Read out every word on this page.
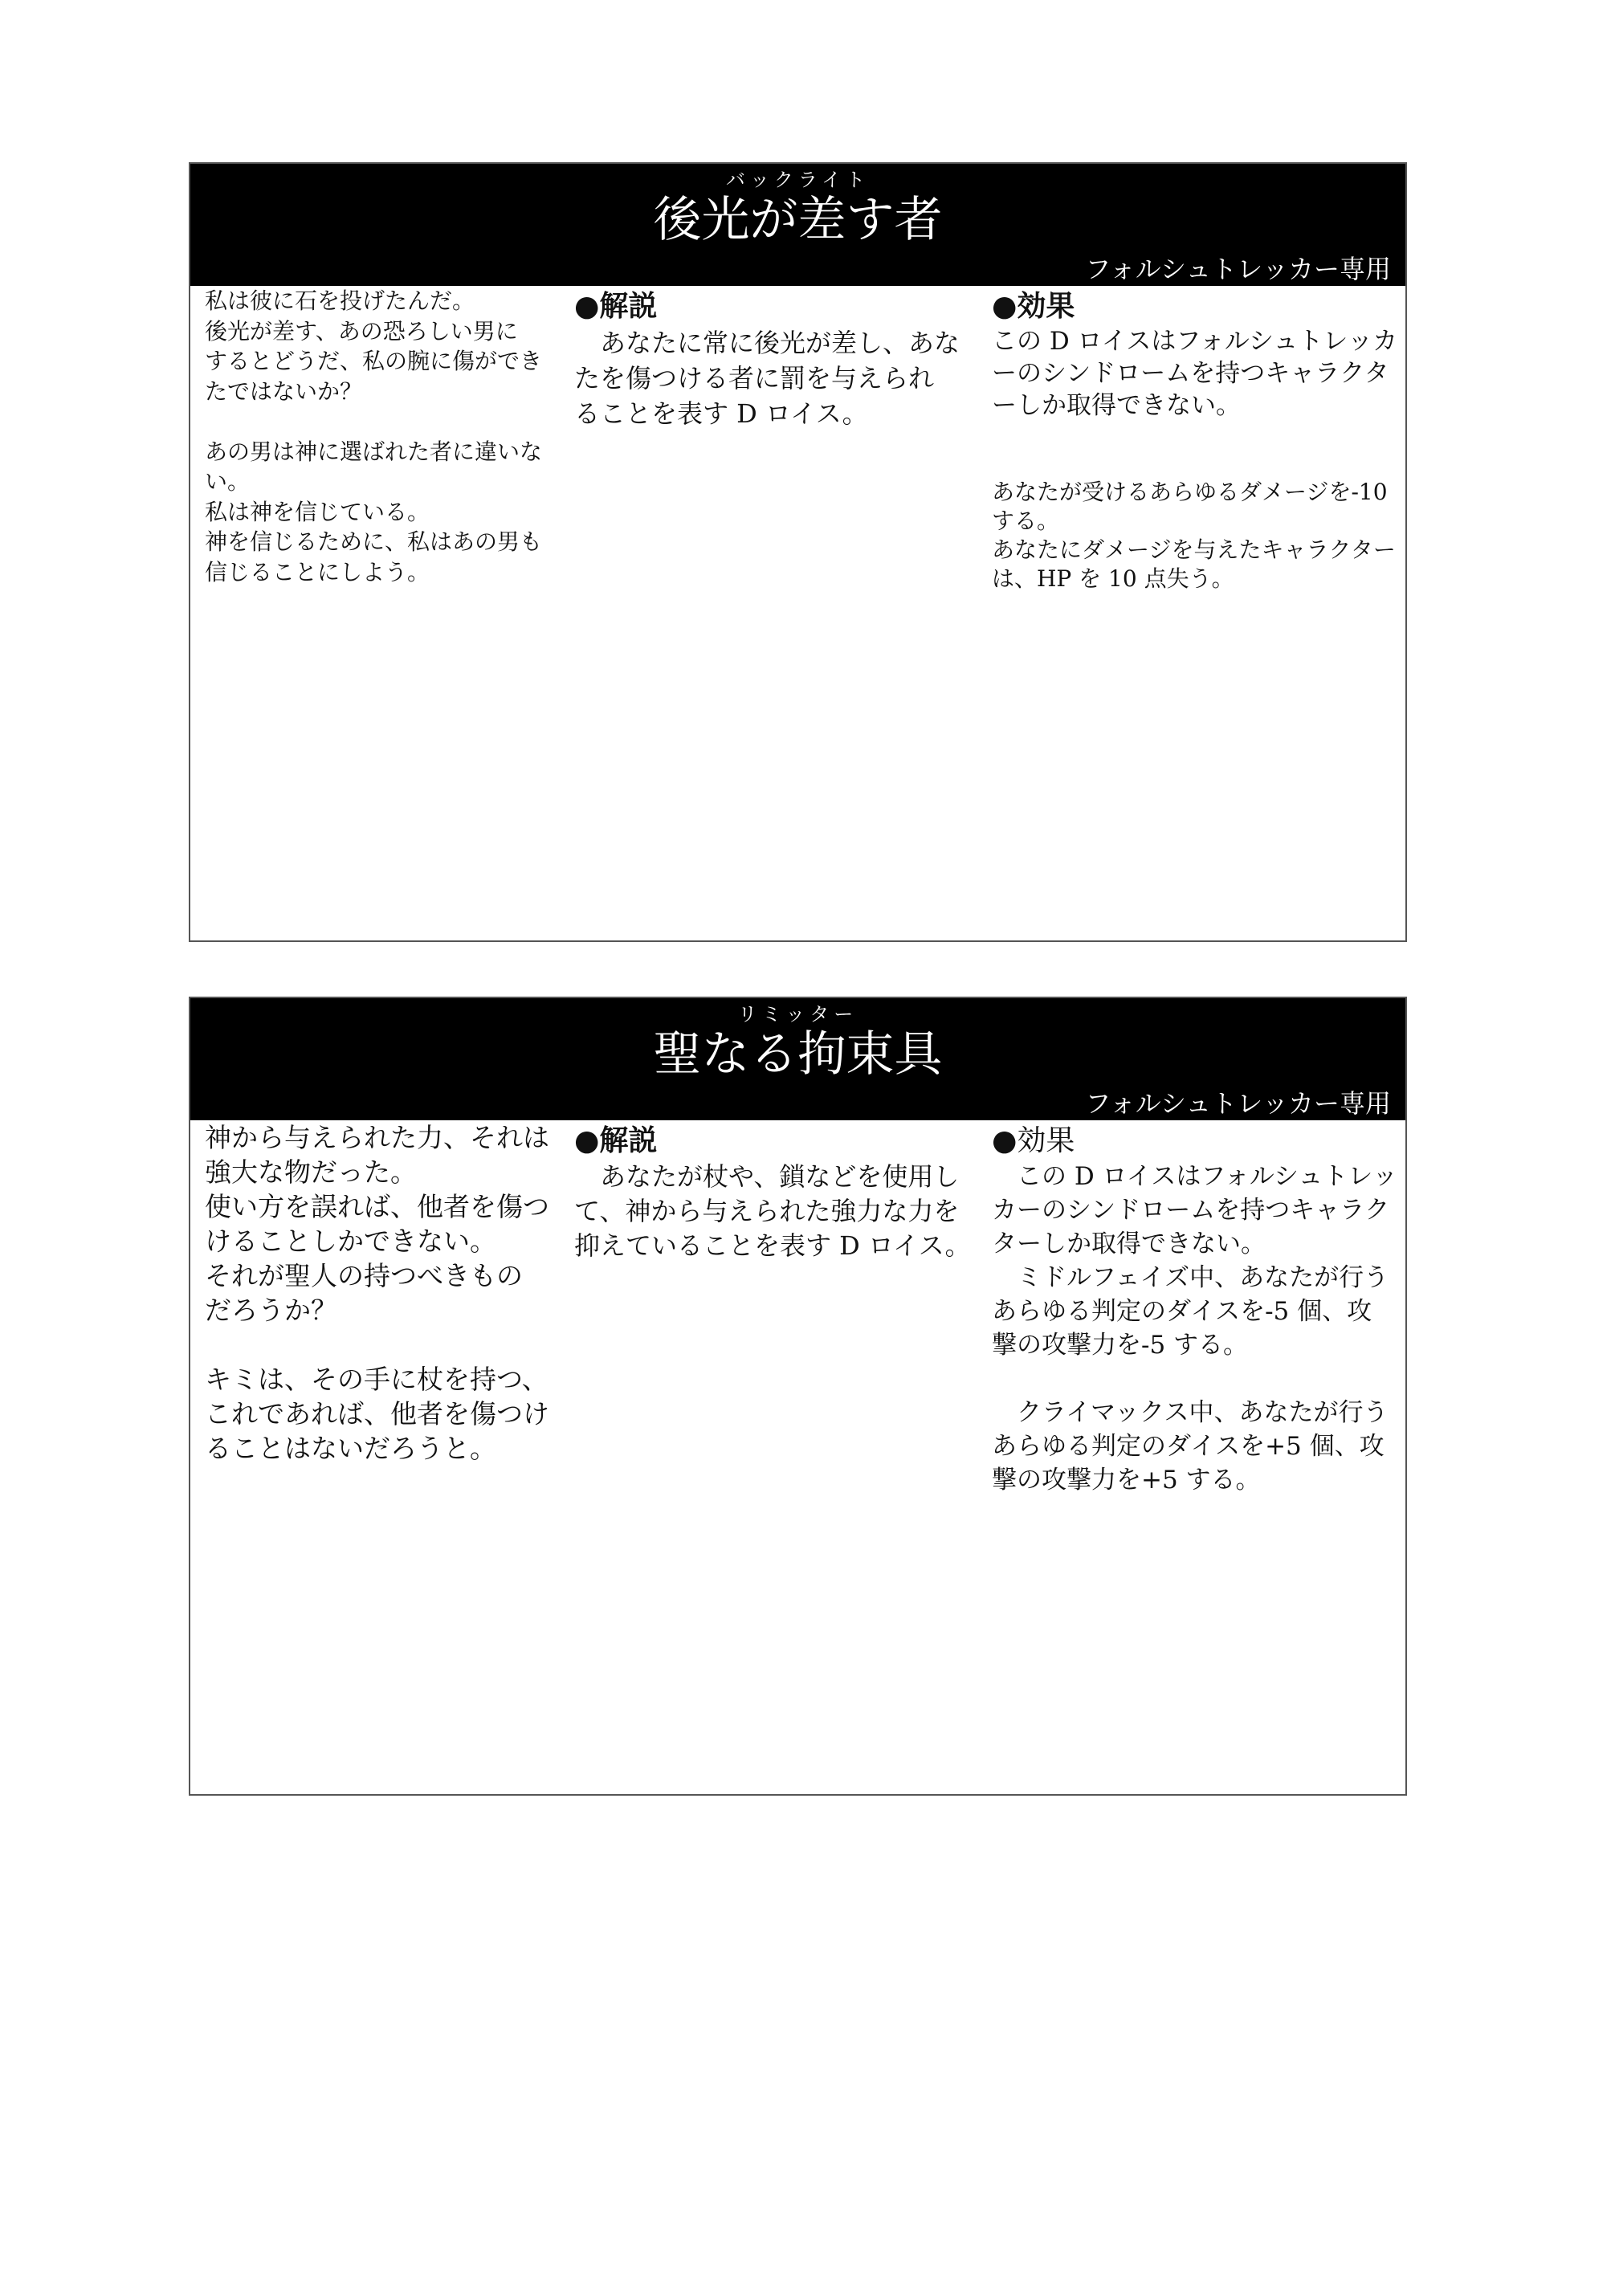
バックライト
後光が差す者
フォルシュトレッカー専用
私は彼に石を投げたんだ。
後光が差す、あの恐ろしい男に
するとどうだ、私の腕に傷ができ
たではないか？

あの男は神に選ばれた者に違いな
い。
私は神を信じている。
神を信じるために、私はあの男も
信じることにしよう。
●解説
　あなたに常に後光が差し、あな
たを傷つける者に罰を与えられ
ることを表す D ロイス。
●効果
この D ロイスはフォルシュトレッカ
ーのシンドロームを持つキャラクタ
ーしか取得できない。
あなたが受けるあらゆるダメージを-10
する。
あなたにダメージを与えたキャラクター
は、HP を 10 点失う。
リミッター
聖なる拘束具
フォルシュトレッカー専用
神から与えられた力、それは
強大な物だった。
使い方を誤れば、他者を傷つ
けることしかできない。
それが聖人の持つべきもの
だろうか？

キミは、その手に杖を持つ、
これであれば、他者を傷つけ
ることはないだろうと。
●解説
　あなたが杖や、鎖などを使用し
て、神から与えられた強力な力を
抑えていることを表す D ロイス。
●効果
　この D ロイスはフォルシュトレッ
カーのシンドロームを持つキャラク
ターしか取得できない。
　ミドルフェイズ中、あなたが行う
あらゆる判定のダイスを-5 個、攻
撃の攻撃力を-5 する。

　クライマックス中、あなたが行う
あらゆる判定のダイスを+5 個、攻
撃の攻撃力を+5 する。
